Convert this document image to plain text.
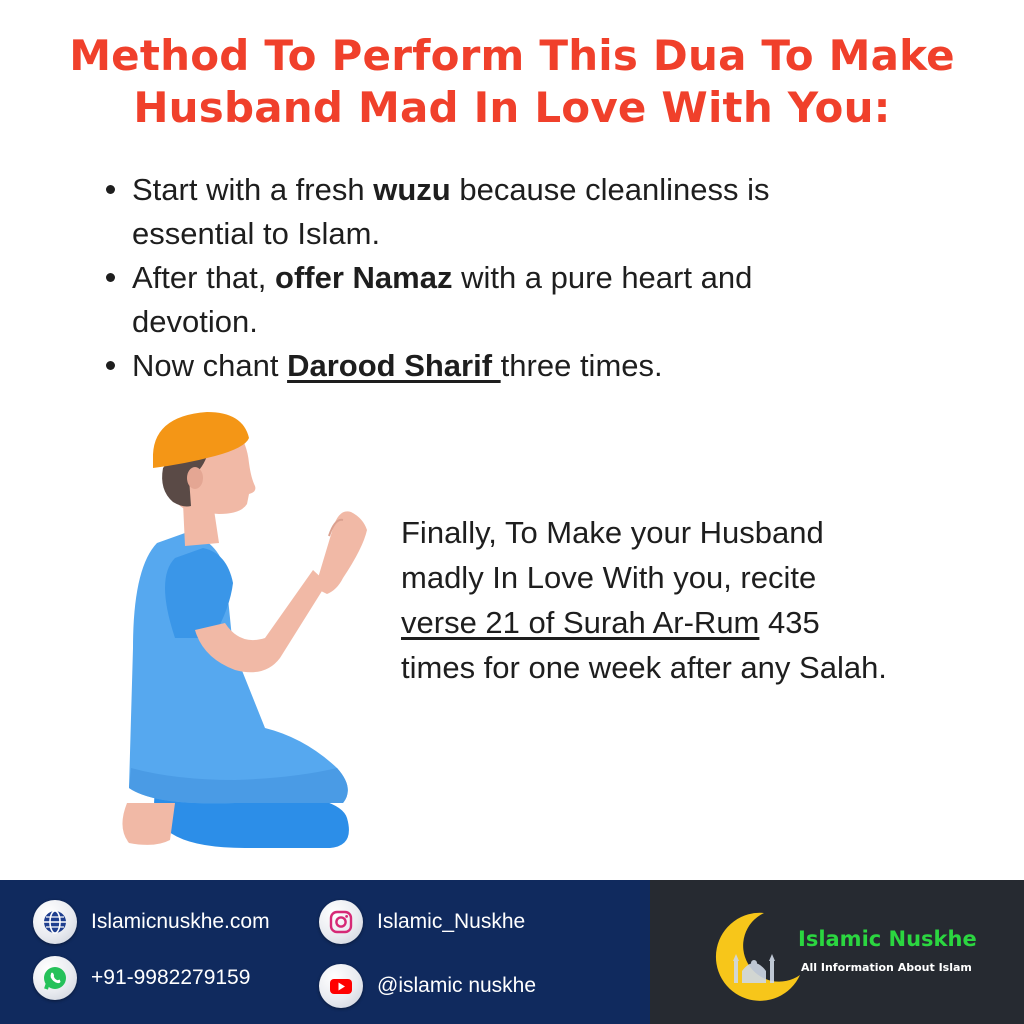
Method To Perform This Dua To Make
Husband Mad In Love With You:
Start with a fresh wuzu because cleanliness is
essential to Islam.
After that, offer Namaz with a pure heart and
devotion.
Now chant Darood Sharif three times.
Finally, To Make your Husband
madly In Love With you, recite
verse 21 of Surah Ar-Rum 435
times for one week after any Salah.
Islamicnuskhe.com
+91-9982279159
Islamic_Nuskhe
@islamic nuskhe
Islamic Nuskhe
All Information About Islam
